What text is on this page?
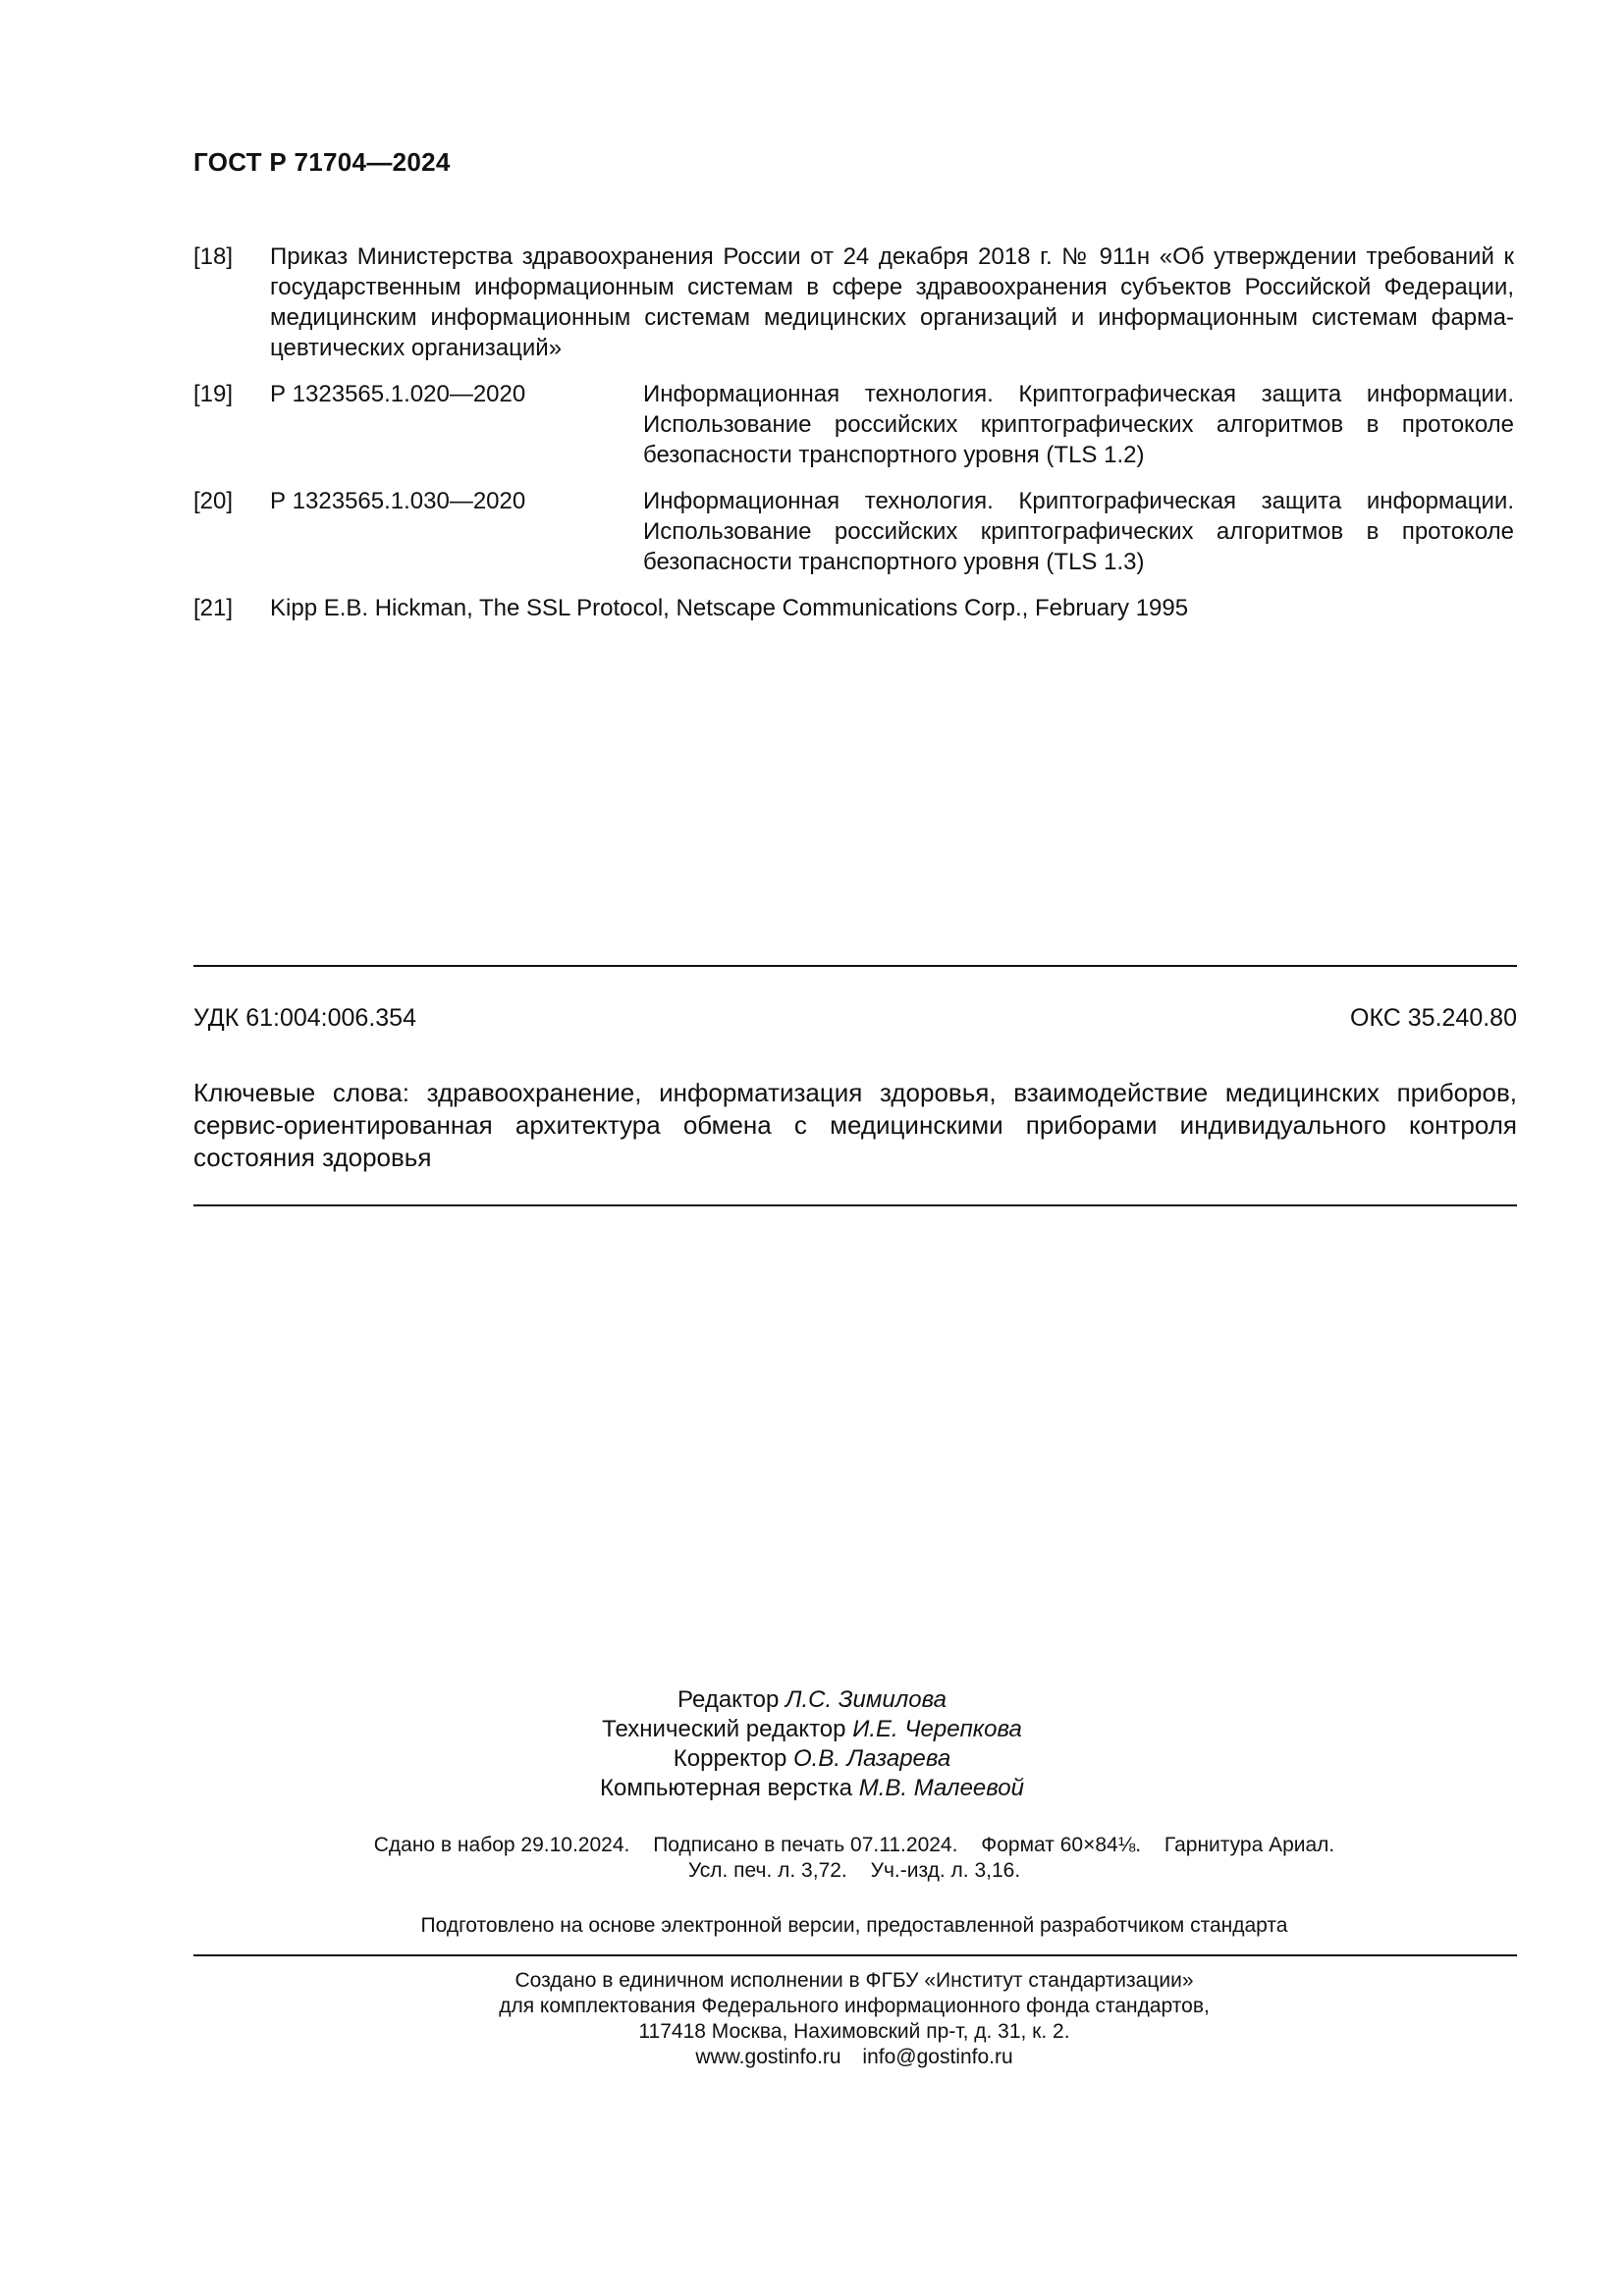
ГОСТ Р 71704—2024
[18] Приказ Министерства здравоохранения России от 24 декабря 2018 г. № 911н «Об утверждении требований к государственным информационным системам в сфере здравоохранения субъектов Российской Федерации, медицинским информационным системам медицинских организаций и информационным системам фармацевтических организаций»
[19] Р 1323565.1.020—2020	Информационная технология. Криптографическая защита информации. Использование российских криптографических алгоритмов в протоколе безопасности транспортного уровня (TLS 1.2)
[20] Р 1323565.1.030—2020	Информационная технология. Криптографическая защита информации. Использование российских криптографических алгоритмов в протоколе безопасности транспортного уровня (TLS 1.3)
[21] Kipp E.B. Hickman, The SSL Protocol, Netscape Communications Corp., February 1995
УДК 61:004:006.354	ОКС 35.240.80
Ключевые слова: здравоохранение, информатизация здоровья, взаимодействие медицинских приборов, сервис-ориентированная архитектура обмена с медицинскими приборами индивидуального контроля состояния здоровья
Редактор Л.С. Зимилова
Технический редактор И.Е. Черепкова
Корректор О.В. Лазарева
Компьютерная верстка М.В. Малеевой
Сдано в набор 29.10.2024. Подписано в печать 07.11.2024. Формат 60×84⅛. Гарнитура Ариал.
Усл. печ. л. 3,72. Уч.-изд. л. 3,16.
Подготовлено на основе электронной версии, предоставленной разработчиком стандарта
Создано в единичном исполнении в ФГБУ «Институт стандартизации»
для комплектования Федерального информационного фонда стандартов,
117418 Москва, Нахимовский пр-т, д. 31, к. 2.
www.gostinfo.ru info@gostinfo.ru
